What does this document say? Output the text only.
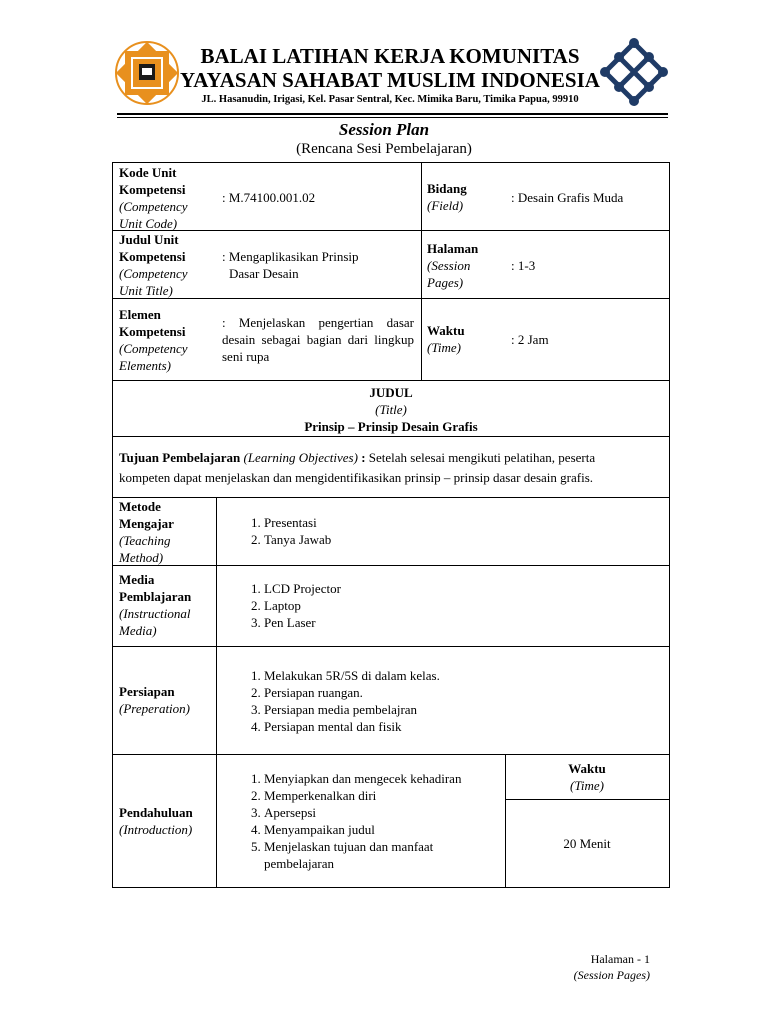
BALAI LATIHAN KERJA KOMUNITAS
YAYASAN SAHABAT MUSLIM INDONESIA
JL. Hasanudin, Irigasi, Kel. Pasar Sentral, Kec. Mimika Baru, Timika Papua, 99910
Session Plan
(Rencana Sesi Pembelajaran)
Kode Unit
Kompetensi
(Competency
Unit Code)
: M.74100.001.02
Bidang
(Field)
: Desain Grafis Muda
Judul Unit
Kompetensi
(Competency
Unit Title)
: Mengaplikasikan Prinsip
Dasar Desain
Halaman
(Session
Pages)
: 1-3
Elemen
Kompetensi
(Competency
Elements)
: Menjelaskan pengertian dasar desain sebagai bagian dari lingkup seni rupa
Waktu
(Time)
: 2 Jam
JUDUL
(Title)
Prinsip – Prinsip Desain Grafis
Tujuan Pembelajaran (Learning Objectives) : Setelah selesai mengikuti pelatihan, peserta
kompeten dapat menjelaskan dan mengidentifikasikan prinsip – prinsip dasar desain grafis.
Metode
Mengajar
(Teaching
Method)
1. Presentasi
2. Tanya Jawab
Media
Pemblajaran
(Instructional
Media)
1. LCD Projector
2. Laptop
3. Pen Laser
Persiapan
(Preperation)
1. Melakukan 5R/5S di dalam kelas.
2. Persiapan ruangan.
3. Persiapan media pembelajran
4. Persiapan mental dan fisik
Pendahuluan
(Introduction)
1. Menyiapkan dan mengecek kehadiran
2. Memperkenalkan diri
3. Apersepsi
4. Menyampaikan judul
5. Menjelaskan tujuan dan manfaat pembelajaran
Waktu
(Time)
20 Menit
Halaman - 1
(Session Pages)
